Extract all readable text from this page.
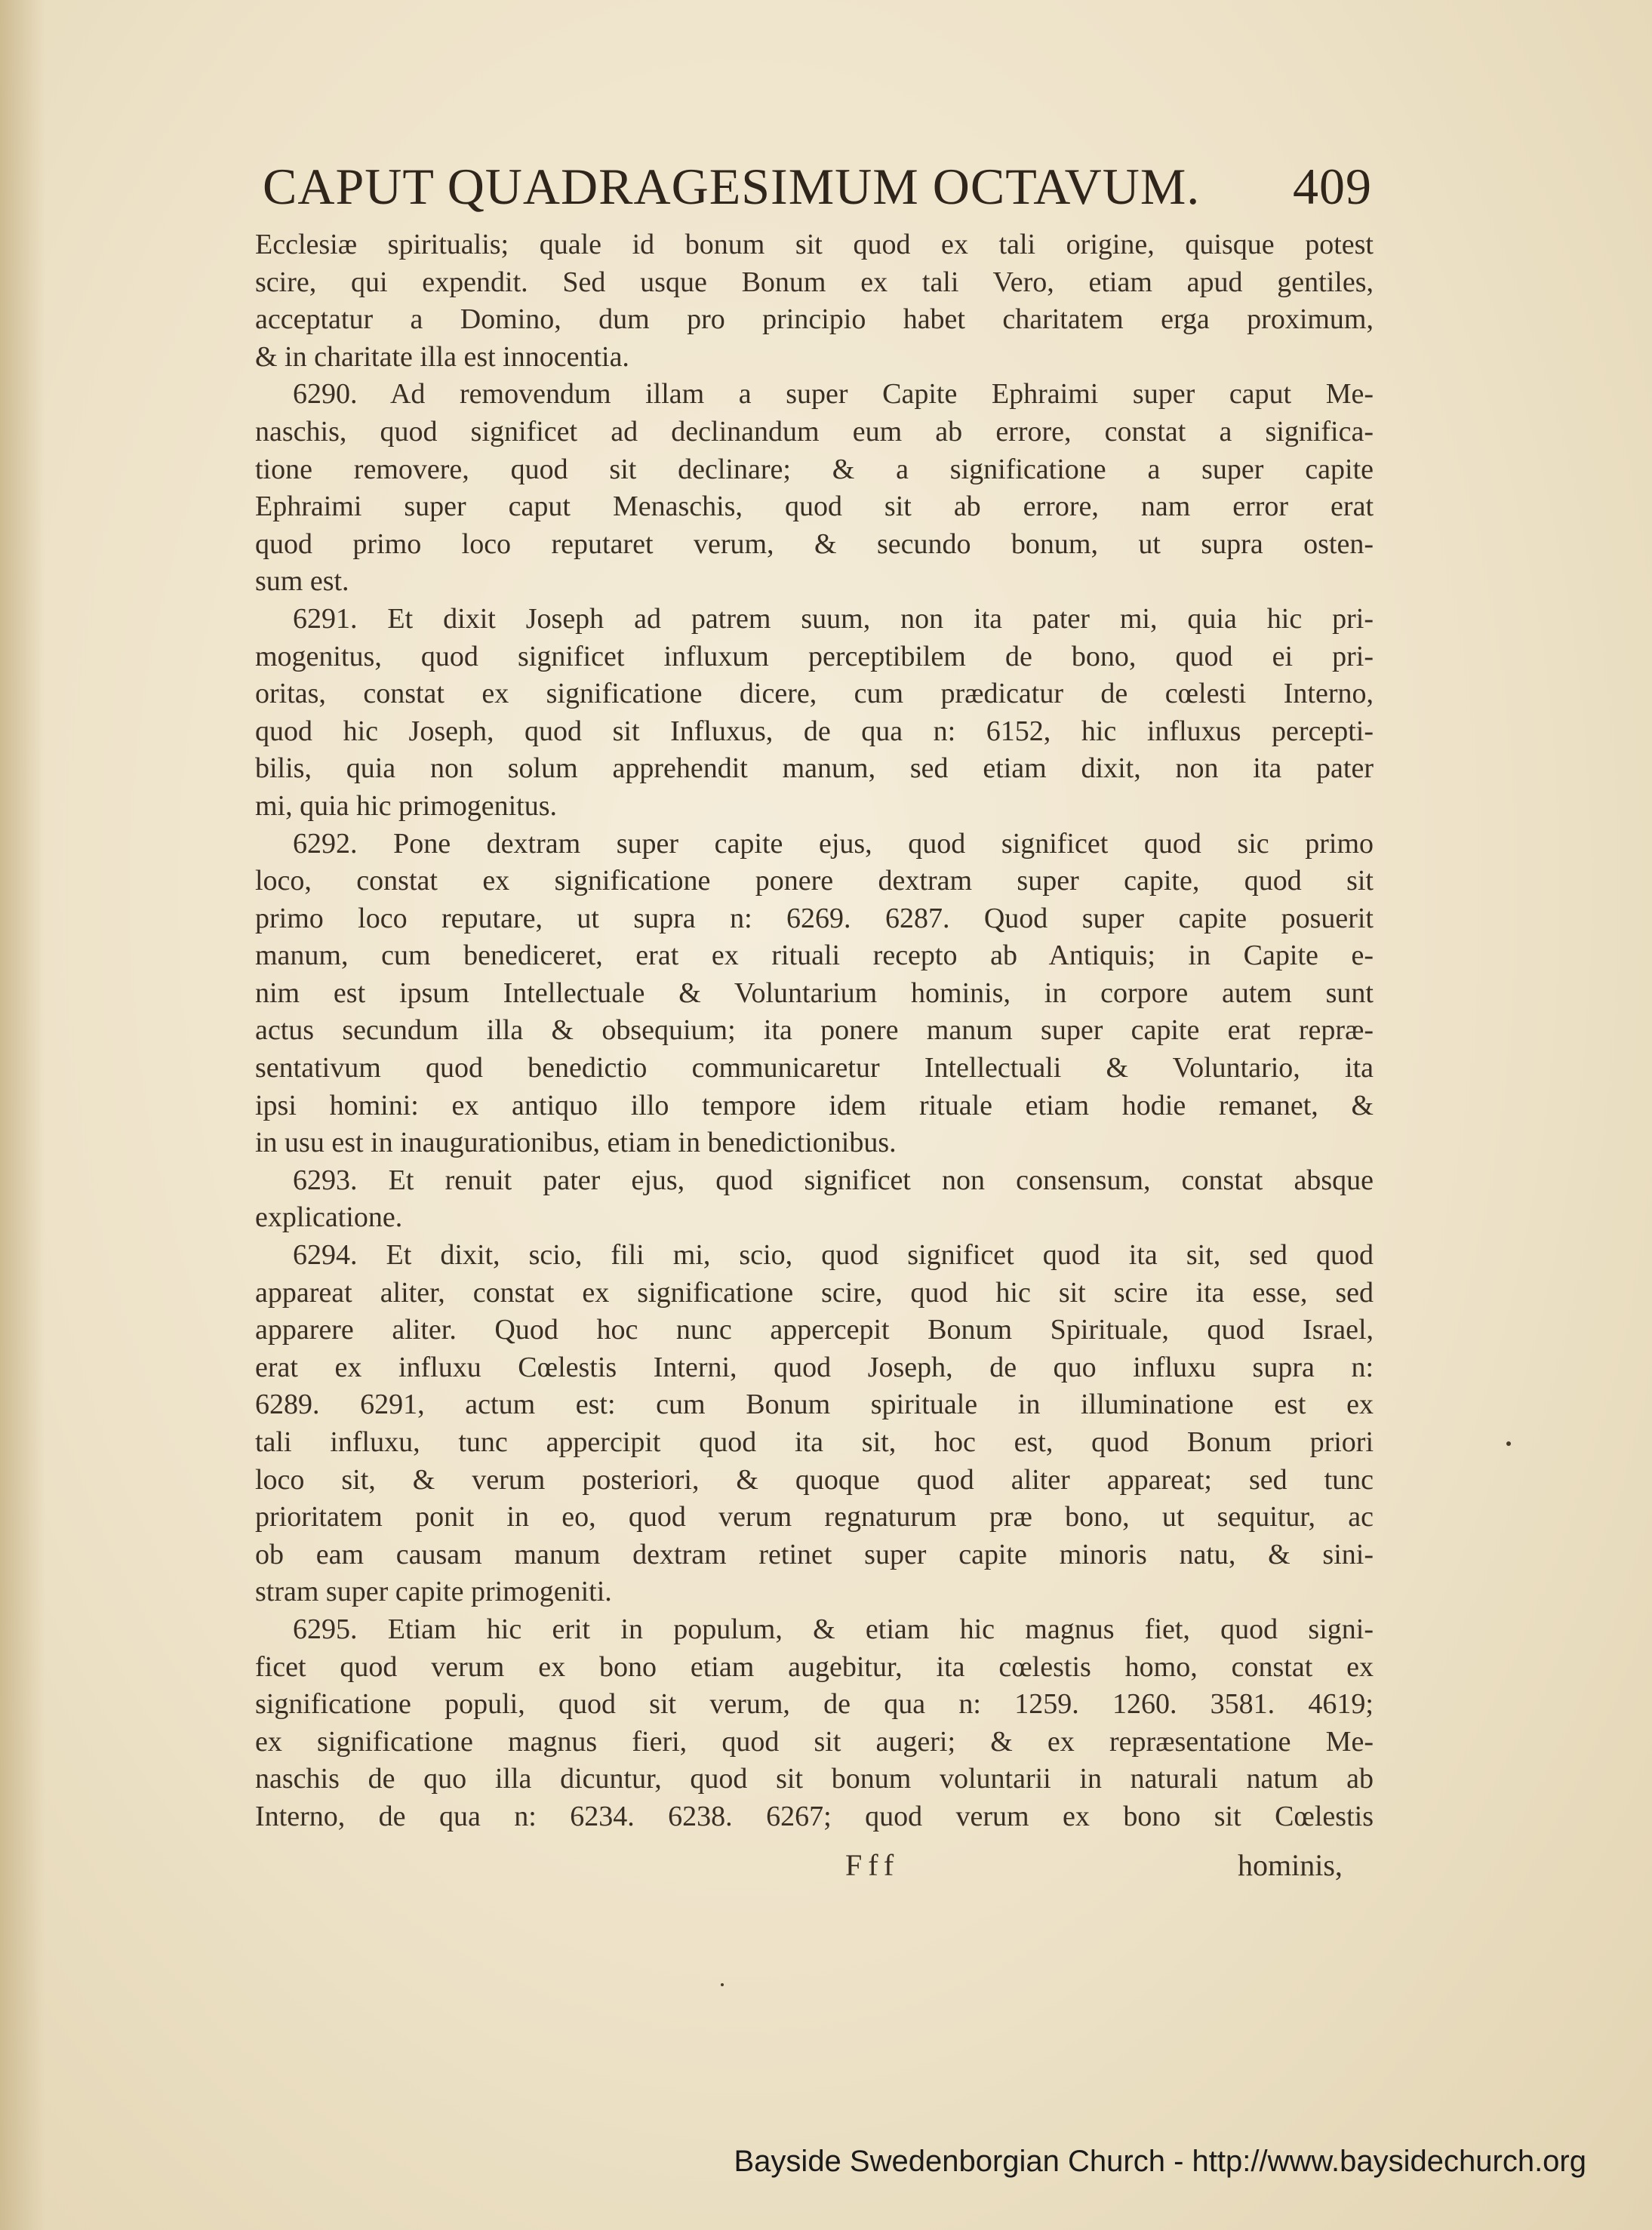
CAPUT QUADRAGESIMUM OCTAVUM. 409
Ecclesiæ spiritualis; quale id bonum sit quod ex tali origine, quisque potest
scire, qui expendit. Sed usque Bonum ex tali Vero, etiam apud gentiles,
acceptatur a Domino, dum pro principio habet charitatem erga proximum,
& in charitate illa est innocentia.
6290. Ad removendum illam a super Capite Ephraimi super caput Me-
naschis, quod significet ad declinandum eum ab errore, constat a significa-
tione removere, quod sit declinare; & a significatione a super capite
Ephraimi super caput Menaschis, quod sit ab errore, nam error erat
quod primo loco reputaret verum, & secundo bonum, ut supra osten-
sum est.
6291. Et dixit Joseph ad patrem suum, non ita pater mi, quia hic pri-
mogenitus, quod significet influxum perceptibilem de bono, quod ei pri-
oritas, constat ex significatione dicere, cum prædicatur de cœlesti Interno,
quod hic Joseph, quod sit Influxus, de qua n: 6152, hic influxus percepti-
bilis, quia non solum apprehendit manum, sed etiam dixit, non ita pater
mi, quia hic primogenitus.
6292. Pone dextram super capite ejus, quod significet quod sic primo
loco, constat ex significatione ponere dextram super capite, quod sit
primo loco reputare, ut supra n: 6269. 6287. Quod super capite posuerit
manum, cum benediceret, erat ex rituali recepto ab Antiquis; in Capite e-
nim est ipsum Intellectuale & Voluntarium hominis, in corpore autem sunt
actus secundum illa & obsequium; ita ponere manum super capite erat repræ-
sentativum quod benedictio communicaretur Intellectuali & Voluntario, ita
ipsi homini: ex antiquo illo tempore idem rituale etiam hodie remanet, &
in usu est in inaugurationibus, etiam in benedictionibus.
6293. Et renuit pater ejus, quod significet non consensum, constat absque
explicatione.
6294. Et dixit, scio, fili mi, scio, quod significet quod ita sit, sed quod
appareat aliter, constat ex significatione scire, quod hic sit scire ita esse, sed
apparere aliter. Quod hoc nunc appercepit Bonum Spirituale, quod Israel,
erat ex influxu Cœlestis Interni, quod Joseph, de quo influxu supra n:
6289. 6291, actum est: cum Bonum spirituale in illuminatione est ex
tali influxu, tunc appercipit quod ita sit, hoc est, quod Bonum priori
loco sit, & verum posteriori, & quoque quod aliter appareat; sed tunc
prioritatem ponit in eo, quod verum regnaturum præ bono, ut sequitur, ac
ob eam causam manum dextram retinet super capite minoris natu, & sini-
stram super capite primogeniti.
6295. Etiam hic erit in populum, & etiam hic magnus fiet, quod signi-
ficet quod verum ex bono etiam augebitur, ita cœlestis homo, constat ex
significatione populi, quod sit verum, de qua n: 1259. 1260. 3581. 4619;
ex significatione magnus fieri, quod sit augeri; & ex repræsentatione Me-
naschis de quo illa dicuntur, quod sit bonum voluntarii in naturali natum ab
Interno, de qua n: 6234. 6238. 6267; quod verum ex bono sit Cœlestis
Fff	hominis,
Bayside Swedenborgian Church - http://www.baysidechurch.org
